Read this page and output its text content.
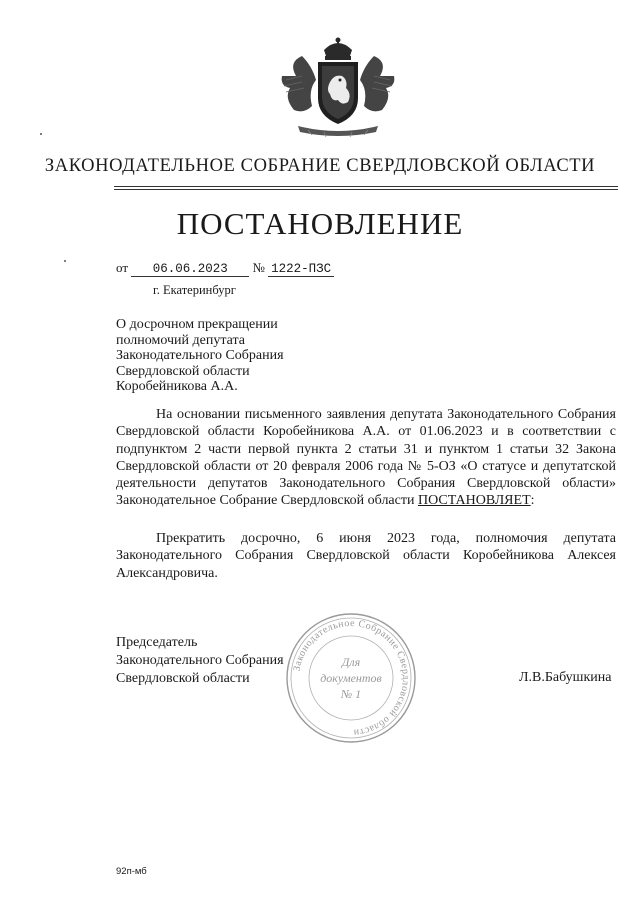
ЗАКОНОДАТЕЛЬНОЕ СОБРАНИЕ СВЕРДЛОВСКОЙ ОБЛАСТИ
ПОСТАНОВЛЕНИЕ
от 06.06.2023 № 1222-ПЗС
г. Екатеринбург
О досрочном прекращении
полномочий депутата
Законодательного Собрания
Свердловской области
Коробейникова А.А.

На основании письменного заявления депутата Законодательного Собрания Свердловской области Коробейникова А.А. от 01.06.2023 и в соответствии с подпунктом 2 части первой пункта 2 статьи 31 и пунктом 1 статьи 32 Закона Свердловской области от 20 февраля 2006 года № 5-ОЗ «О статусе и депутатской деятельности депутатов Законодательного Собрания Свердловской области» Законодательное Собрание Свердловской области ПОСТАНОВЛЯЕТ:

Прекратить досрочно, 6 июня 2023 года, полномочия депутата Законодательного Собрания Свердловской области Коробейникова Алексея Александровича.

Законодательное Собрание Свердловской области
Для
документов
№ 1
Председатель
Законодательного Собрания
Свердловской области	Л.В.Бабушкина
92п-мб
